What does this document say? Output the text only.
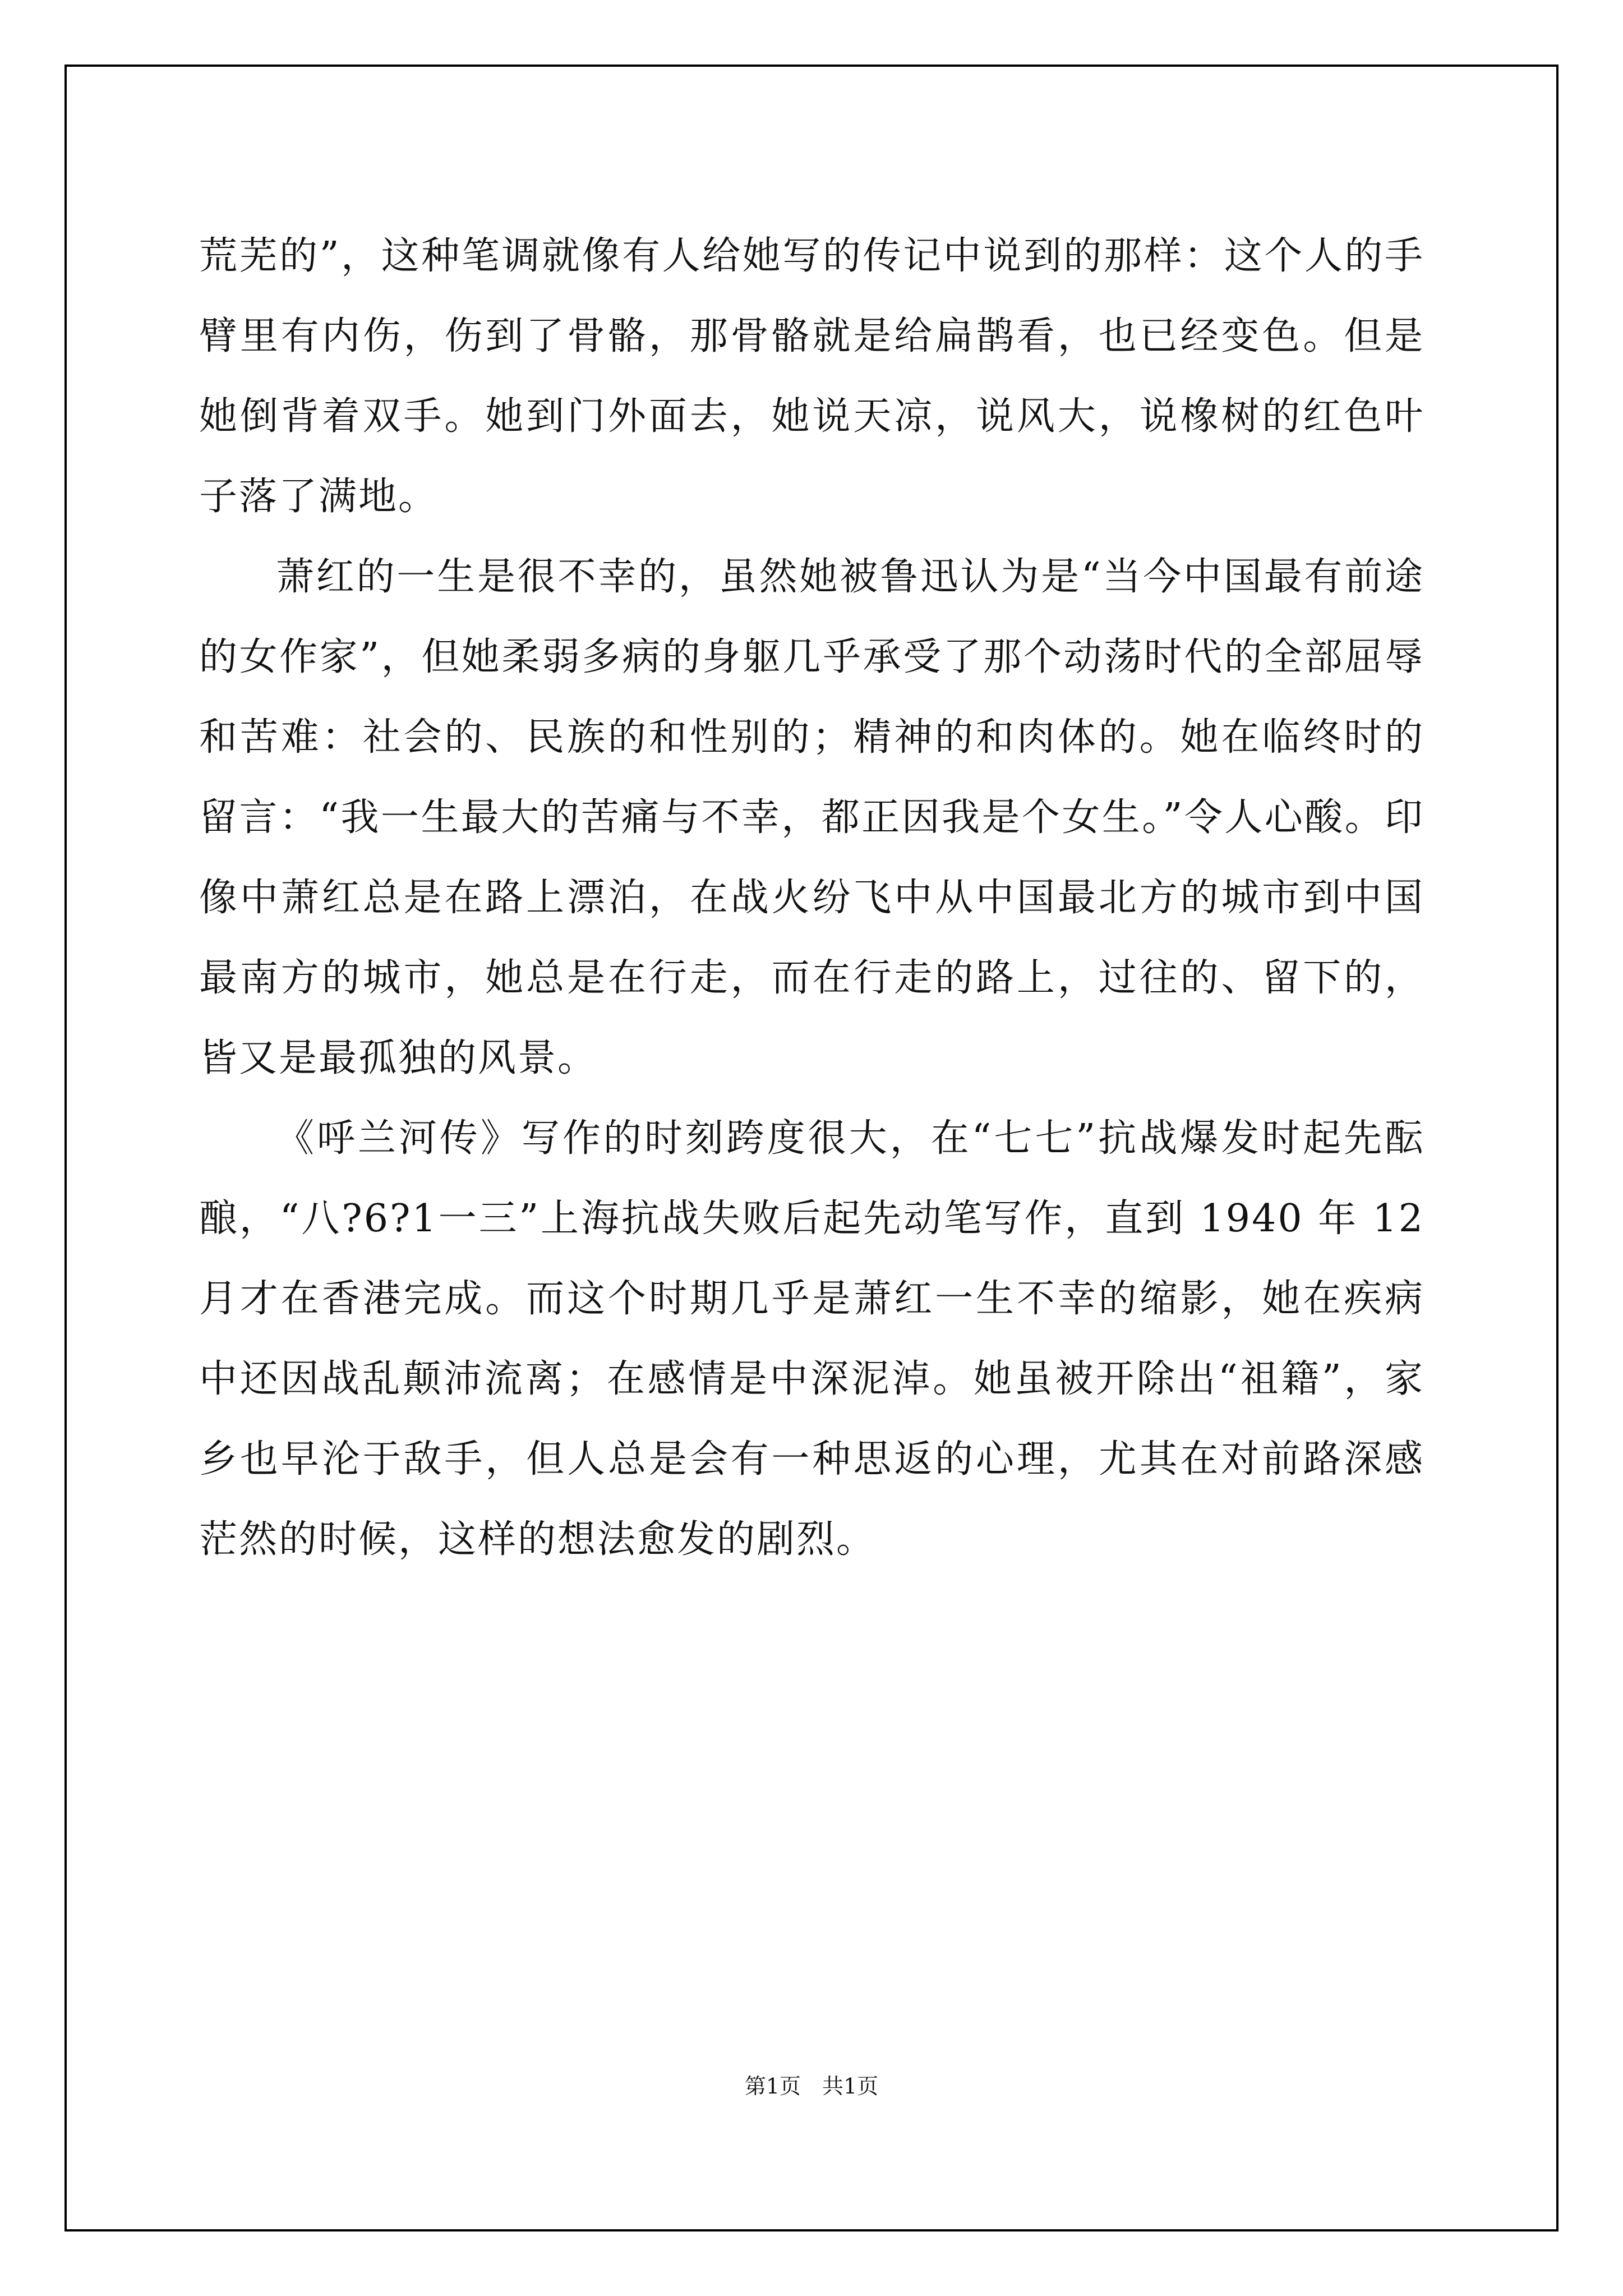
荒芜的”，这种笔调就像有人给她写的传记中说到的那样：这个人的手臂里有内伤，伤到了骨骼，那骨骼就是给扁鹊看，也已经变色。但是她倒背着双手。她到门外面去，她说天凉，说风大，说橡树的红色叶子落了满地。

萧红的一生是很不幸的，虽然她被鲁迅认为是“当今中国最有前途的女作家”，但她柔弱多病的身躯几乎承受了那个动荡时代的全部屈辱和苦难：社会的、民族的和性别的；精神的和肉体的。她在临终时的留言：“我一生最大的苦痛与不幸，都正因我是个女生。”令人心酸。印像中萧红总是在路上漂泊，在战火纷飞中从中国最北方的城市到中国最南方的城市，她总是在行走，而在行走的路上，过往的、留下的，皆又是最孤独的风景。

《呼兰河传》写作的时刻跨度很大，在“七七”抗战爆发时起先酝酿，“八?6?1一三”上海抗战失败后起先动笔写作，直到 1940 年 12 月才在香港完成。而这个时期几乎是萧红一生不幸的缩影，她在疾病中还因战乱颠沛流离；在感情是中深泥淖。她虽被开除出“祖籍”，家乡也早沦于敌手，但人总是会有一种思返的心理，尤其在对前路深感茫然的时候，这样的想法愈发的剧烈。

第1页　共1页
